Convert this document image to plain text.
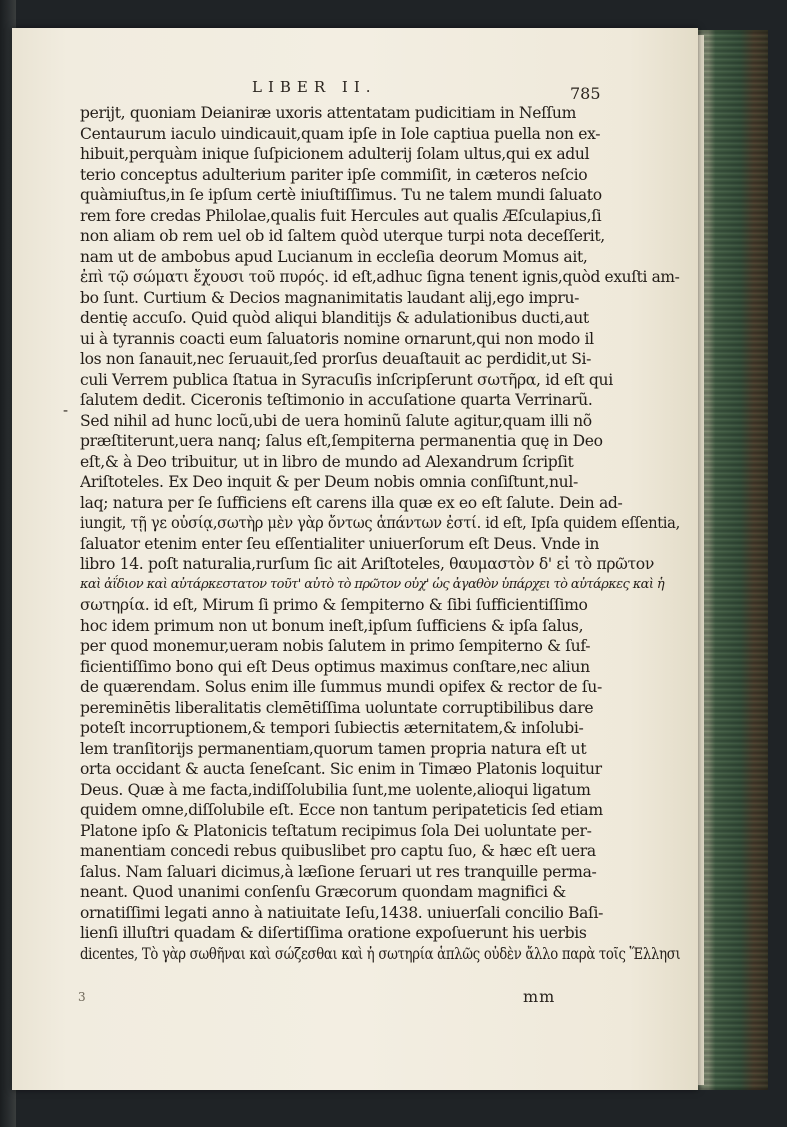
LIBER II.	785
-
perijt, quoniam Deianiræ uxoris attentatam pudicitiam in Neſſum
Centaurum iaculo uindicauit,quam ipſe in Iole captiua puella non ex-
hibuit,perquàm inique ſuſpicionem adulterij ſolam ultus,qui ex adul
terio conceptus adulterium pariter ipſe commiſit, in cæteros neſcio
quàmiuſtus,in ſe ipſum certè iniuſtiſſimus. Tu ne talem mundi ſaluato
rem fore credas Philolae,qualis fuit Hercules aut qualis Æſculapius,ſi
non aliam ob rem uel ob id ſaltem quòd uterque turpi nota deceſſerit,
nam ut de ambobus apud Lucianum in eccleſia deorum Momus ait,
ἐπὶ τῷ σώματι ἔχουσι τοῦ πυρός. id eſt,adhuc ſigna tenent ignis,quòd exuſti am-
bo ſunt. Curtium & Decios magnanimitatis laudant alij,ego impru-
dentię accuſo. Quid quòd aliqui blanditijs & adulationibus ducti,aut
ui à tyrannis coacti eum ſaluatoris nomine ornarunt,qui non modo il
los non ſanauit,nec ſeruauit,ſed prorſus deuaſtauit ac perdidit,ut Si-
culi Verrem publica ſtatua in Syracuſis inſcripſerunt σωτῆρα, id eſt qui
ſalutem dedit. Ciceronis teſtimonio in accuſatione quarta Verrinarũ.
Sed nihil ad hunc locũ,ubi de uera hominũ ſalute agitur,quam illi nõ
præſtiterunt,uera nanq; ſalus eſt,ſempiterna permanentia quę in Deo
eſt,& à Deo tribuitur, ut in libro de mundo ad Alexandrum ſcripſit
Ariſtoteles. Ex Deo inquit & per Deum nobis omnia conſiſtunt,nul-
laq; natura per ſe ſufficiens eſt carens illa quæ ex eo eſt ſalute. Dein ad-
iungit, τῇ γε οὐσίᾳ,σωτὴρ μὲν γὰρ ὄντως ἁπάντων ἐστί. id eſt, Ipſa quidem eſſentia,
ſaluator etenim enter ſeu eſſentialiter uniuerſorum eſt Deus. Vnde in
libro 14. poſt naturalia,rurſum ſic ait Ariſtoteles, θαυμαστὸν δ' εἰ τὸ πρῶτον
καὶ ἀΐδιον καὶ αὐτάρκεστατον τοῦτ' αὐτὸ τὸ πρῶτον οὐχ' ὡς ἀγαθὸν ὑπάρχει τὸ αὐτάρκες καὶ ἡ
σωτηρία. id eſt, Mirum ſi primo & ſempiterno & ſibi ſufficientiſſimo
hoc idem primum non ut bonum ineſt,ipſum ſufficiens & ipſa ſalus,
per quod monemur,ueram nobis ſalutem in primo ſempiterno & ſuf-
ficientiſſimo bono qui eſt Deus optimus maximus conſtare,nec aliun
de quærendam. Solus enim ille ſummus mundi opifex & rector de ſu-
pereminētis liberalitatis clemētiſſima uoluntate corruptibilibus dare
poteſt incorruptionem,& tempori ſubiectis æternitatem,& inſolubi-
lem tranſitorijs permanentiam,quorum tamen propria natura eſt ut
orta occidant & aucta ſeneſcant. Sic enim in Timæo Platonis loquitur
Deus. Quæ à me facta,indiſſolubilia ſunt,me uolente,alioqui ligatum
quidem omne,diſſolubile eſt. Ecce non tantum peripateticis ſed etiam
Platone ipſo & Platonicis teſtatum recipimus ſola Dei uoluntate per-
manentiam concedi rebus quibuslibet pro captu ſuo, & hæc eſt uera
ſalus. Nam ſaluari dicimus,à læſione ſeruari ut res tranquille perma-
neant. Quod unanimi conſenſu Græcorum quondam magnifici &
ornatiſſimi legati anno à natiuitate Ieſu,1438. uniuerſali concilio Baſi-
lienſi illuſtri quadam & diſertiſſima oratione expoſuerunt his uerbis
dicentes, Τὸ γὰρ σωθῆναι καὶ σώζεσθαι καὶ ἡ σωτηρία ἁπλῶς οὐδὲν ἄλλο παρὰ τοῖς Ἕλλησι
3	mm
